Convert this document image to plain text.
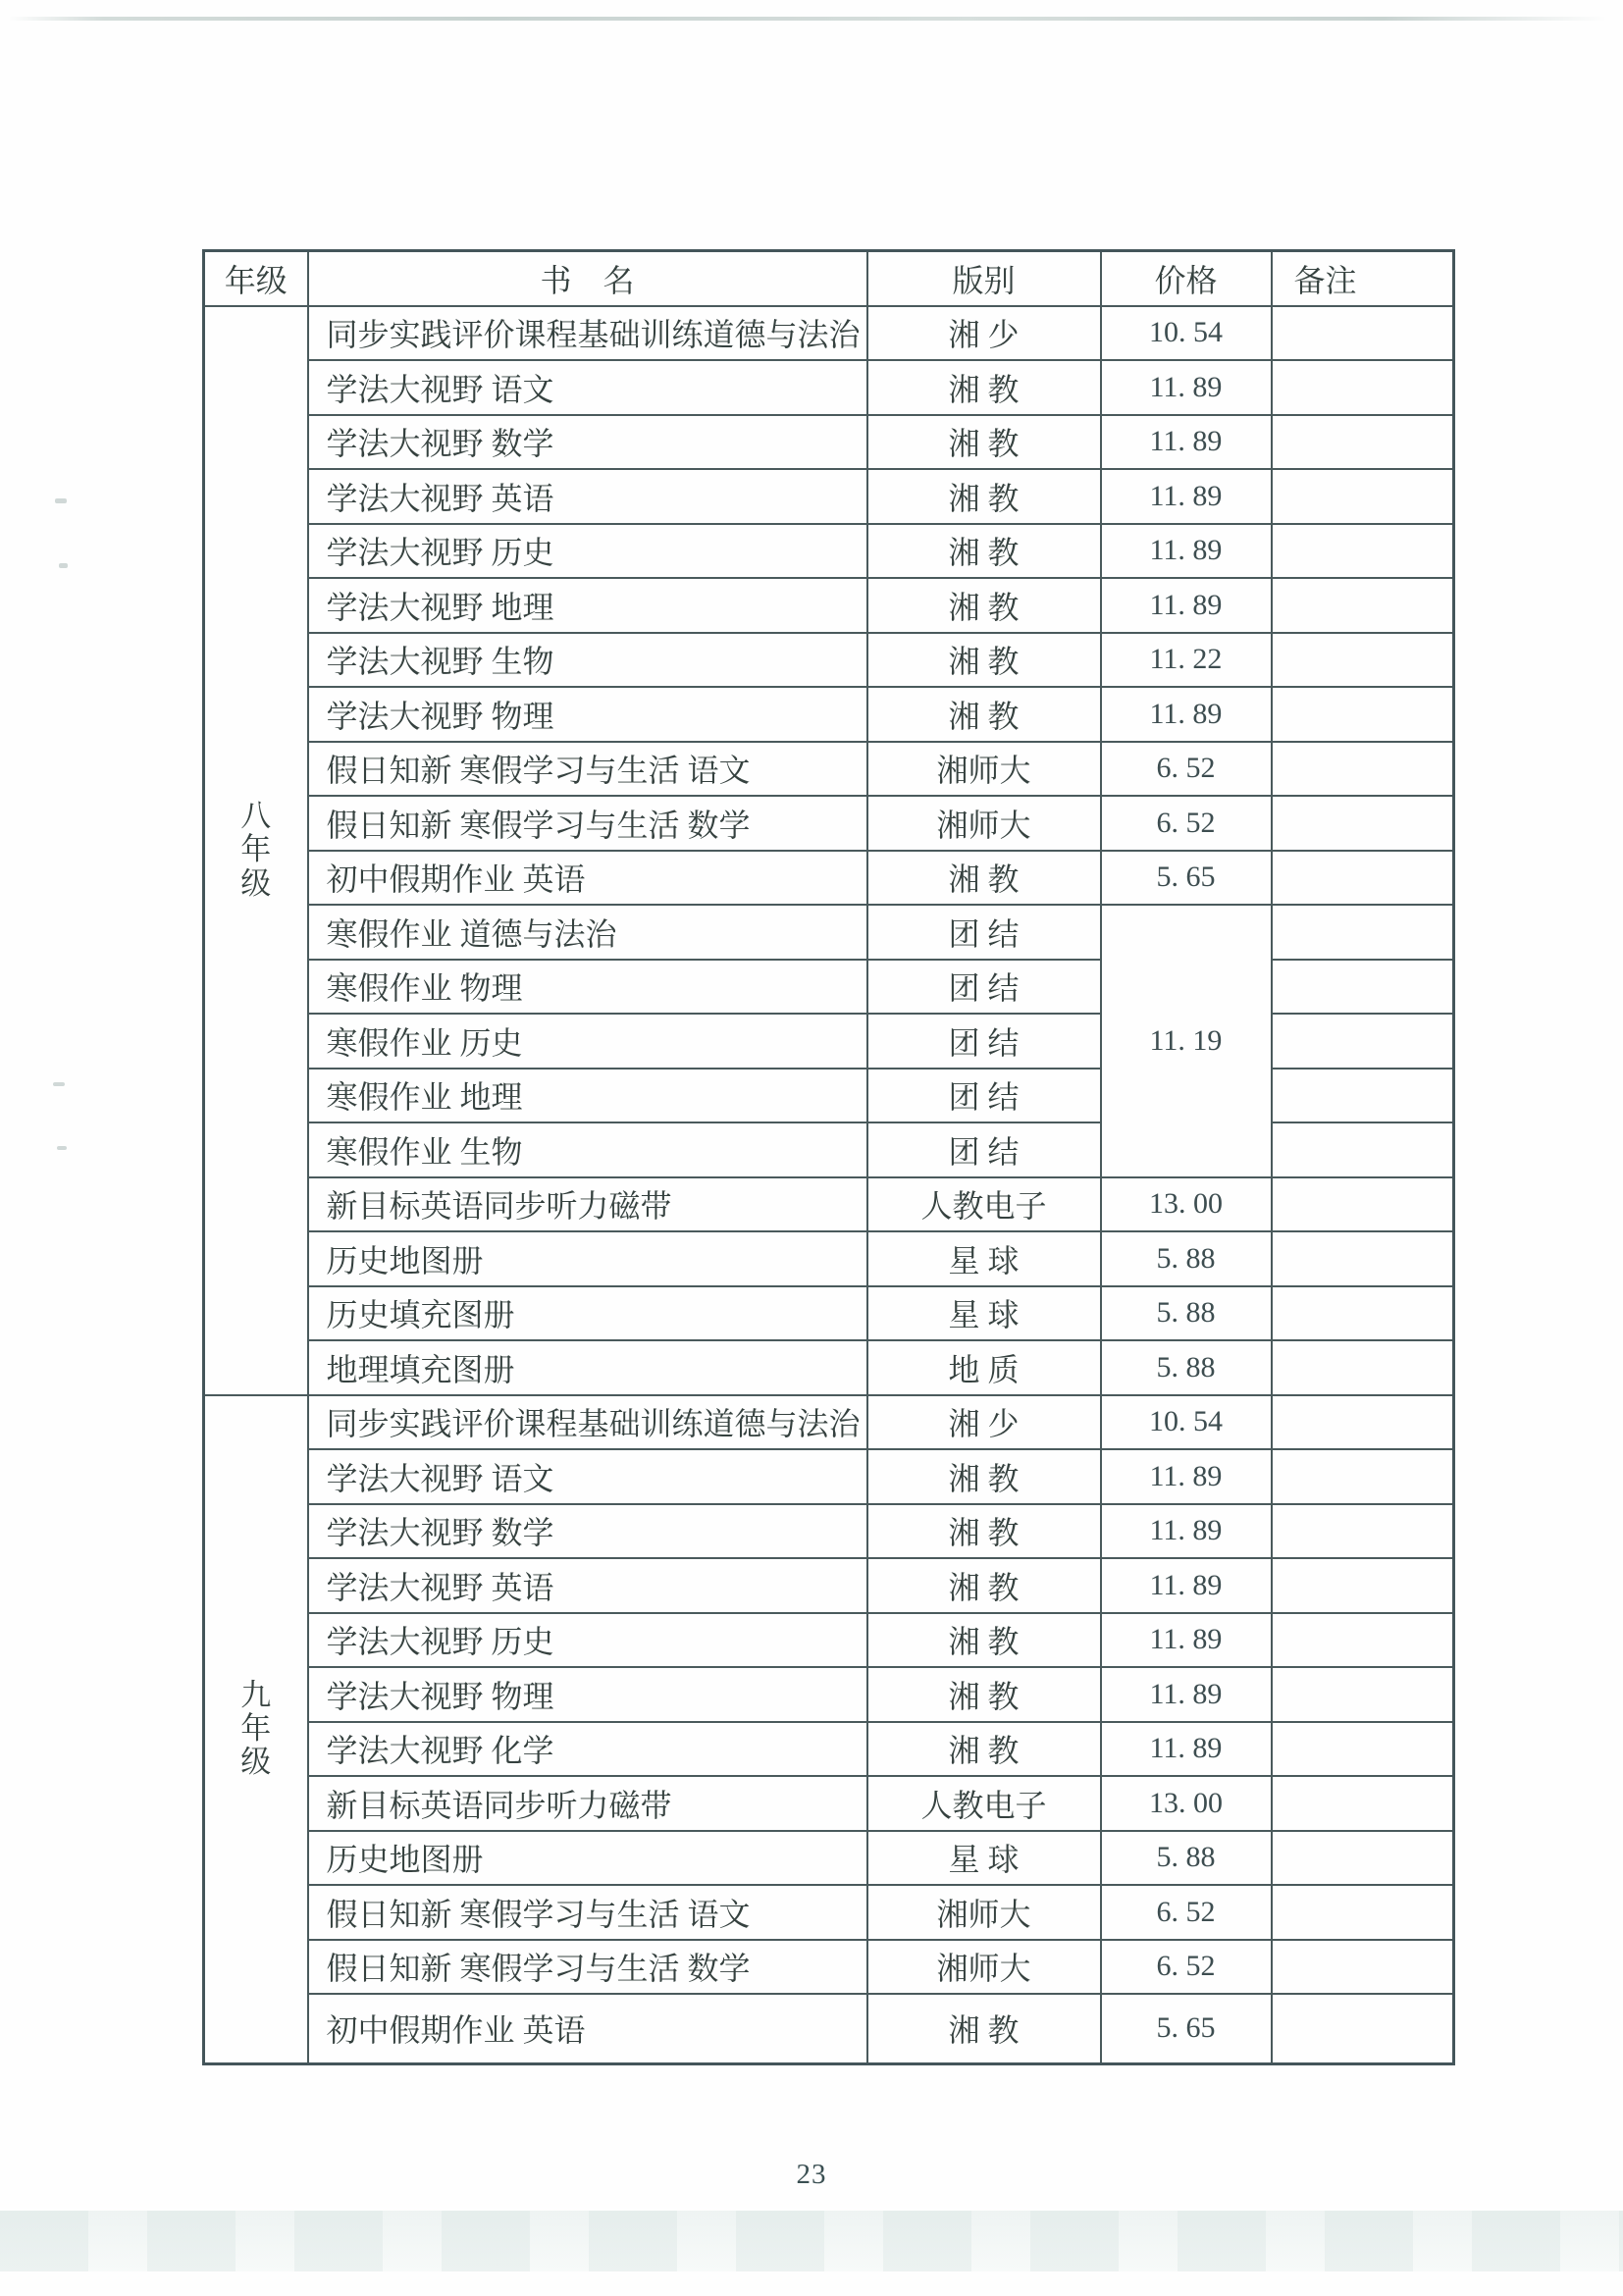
年级	书　名	版别	价格	备注

八年级	同步实践评价课程基础训练道德与法治	湘 少	10. 54	
	学法大视野 语文	湘 教	11. 89	
	学法大视野 数学	湘 教	11. 89	
	学法大视野 英语	湘 教	11. 89	
	学法大视野 历史	湘 教	11. 89	
	学法大视野 地理	湘 教	11. 89	
	学法大视野 生物	湘 教	11. 22	
	学法大视野 物理	湘 教	11. 89	
	假日知新 寒假学习与生活 语文	湘师大	6. 52	
	假日知新 寒假学习与生活 数学	湘师大	6. 52	
	初中假期作业 英语	湘 教	5. 65	
	寒假作业 道德与法治	团 结	11. 19	
	寒假作业 物理	团 结		
	寒假作业 历史	团 结		
	寒假作业 地理	团 结		
	寒假作业 生物	团 结		
	新目标英语同步听力磁带	人教电子	13. 00	
	历史地图册	星 球	5. 88	
	历史填充图册	星 球	5. 88	
	地理填充图册	地 质	5. 88	

九年级	同步实践评价课程基础训练道德与法治	湘 少	10. 54	
	学法大视野 语文	湘 教	11. 89	
	学法大视野 数学	湘 教	11. 89	
	学法大视野 英语	湘 教	11. 89	
	学法大视野 历史	湘 教	11. 89	
	学法大视野 物理	湘 教	11. 89	
	学法大视野 化学	湘 教	11. 89	
	新目标英语同步听力磁带	人教电子	13. 00	
	历史地图册	星 球	5. 88	
	假日知新 寒假学习与生活 语文	湘师大	6. 52	
	假日知新 寒假学习与生活 数学	湘师大	6. 52	
	初中假期作业 英语	湘 教	5. 65	
23
